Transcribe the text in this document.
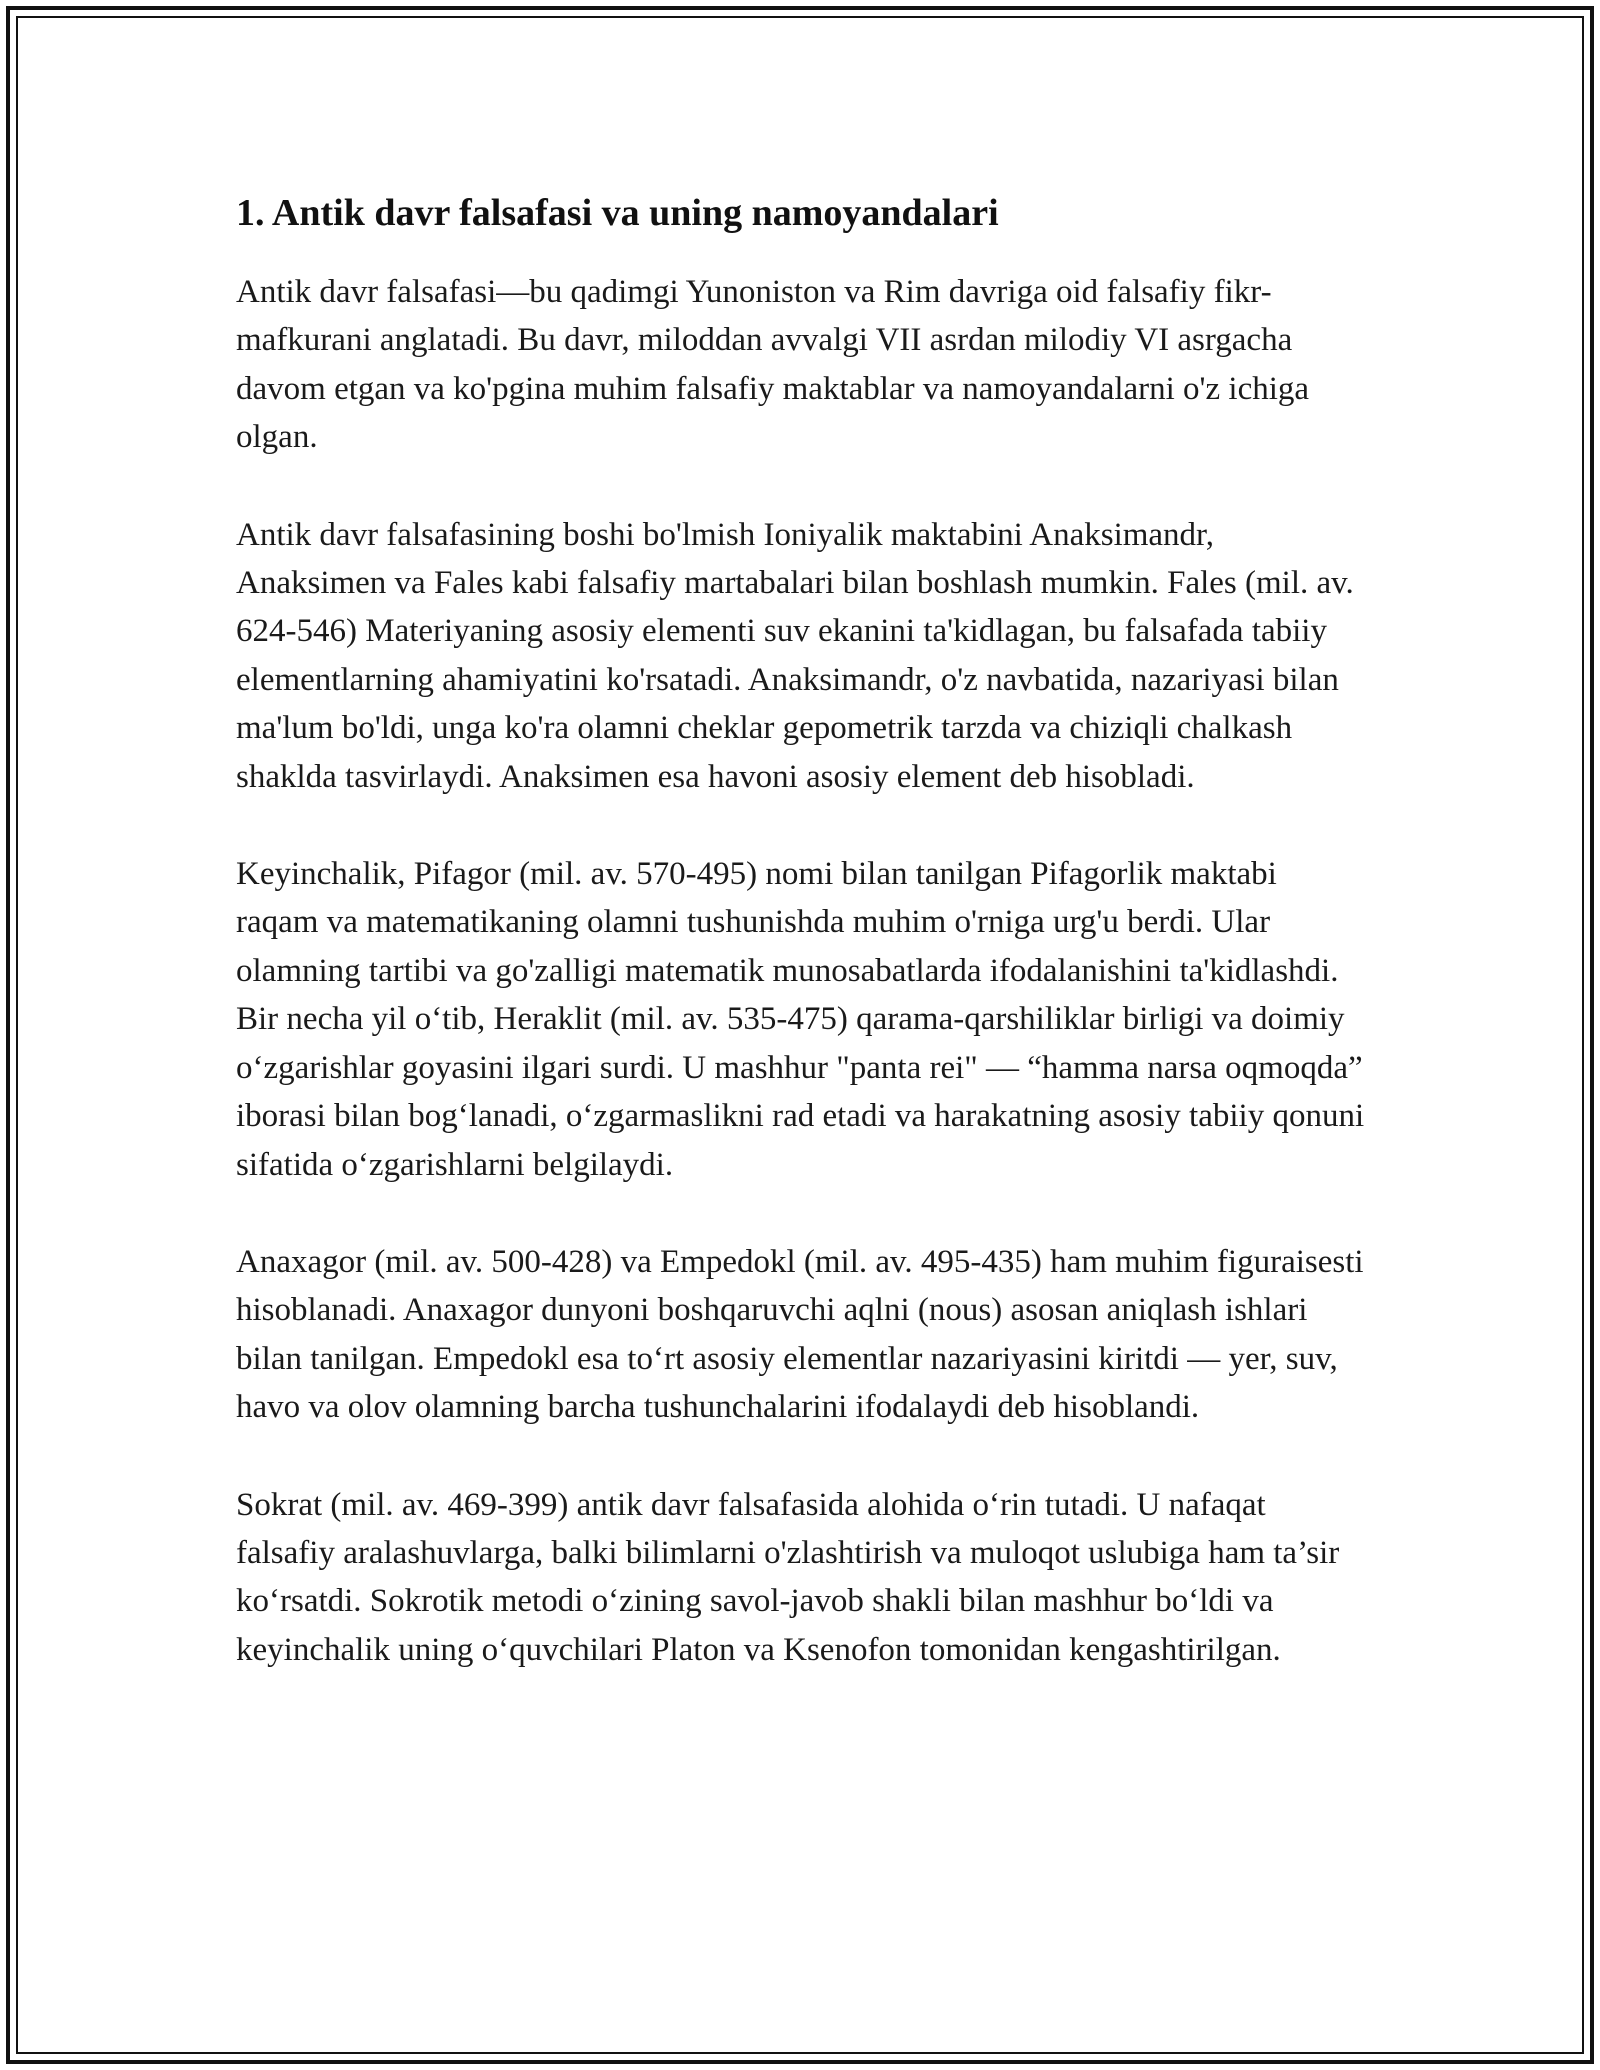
1. Antik davr falsafasi va uning namoyandalari

Antik davr falsafasi—bu qadimgi Yunoniston va Rim davriga oid falsafiy fikr-mafkurani anglatadi. Bu davr, miloddan avvalgi VII asrdan milodiy VI asrgacha davom etgan va ko'pgina muhim falsafiy maktablar va namoyandalarni o'z ichiga olgan.

Antik davr falsafasining boshi bo'lmish Ioniyalik maktabini Anaksimandr, Anaksimen va Fales kabi falsafiy martabalari bilan boshlash mumkin. Fales (mil. av. 624-546) Materiyaning asosiy elementi suv ekanini ta'kidlagan, bu falsafada tabiiy elementlarning ahamiyatini ko'rsatadi. Anaksimandr, o'z navbatida, nazariyasi bilan ma'lum bo'ldi, unga ko'ra olamni cheklar gepometrik tarzda va chiziqli chalkash shaklda tasvirlaydi. Anaksimen esa havoni asosiy element deb hisobladi.

Keyinchalik, Pifagor (mil. av. 570-495) nomi bilan tanilgan Pifagorlik maktabi raqam va matematikaning olamni tushunishda muhim o'rniga urg'u berdi. Ular olamning tartibi va go'zalligi matematik munosabatlarda ifodalanishini ta'kidlashdi. Bir necha yil o‘tib, Heraklit (mil. av. 535-475) qarama-qarshiliklar birligi va doimiy o‘zgarishlar goyasini ilgari surdi. U mashhur "panta rei" — “hamma narsa oqmoqda” iborasi bilan bog‘lanadi, o‘zgarmaslikni rad etadi va harakatning asosiy tabiiy qonuni sifatida o‘zgarishlarni belgilaydi.

Anaxagor (mil. av. 500-428) va Empedokl (mil. av. 495-435) ham muhim figuraisesti hisoblanadi. Anaxagor dunyoni boshqaruvchi aqlni (nous) asosan aniqlash ishlari bilan tanilgan. Empedokl esa to‘rt asosiy elementlar nazariyasini kiritdi — yer, suv, havo va olov olamning barcha tushunchalarini ifodalaydi deb hisoblandi.

Sokrat (mil. av. 469-399) antik davr falsafasida alohida o‘rin tutadi. U nafaqat falsafiy aralashuvlarga, balki bilimlarni o'zlashtirish va muloqot uslubiga ham ta’sir ko‘rsatdi. Sokrotik metodi o‘zining savol-javob shakli bilan mashhur bo‘ldi va keyinchalik uning o‘quvchilari Platon va Ksenofon tomonidan kengashtirilgan.
